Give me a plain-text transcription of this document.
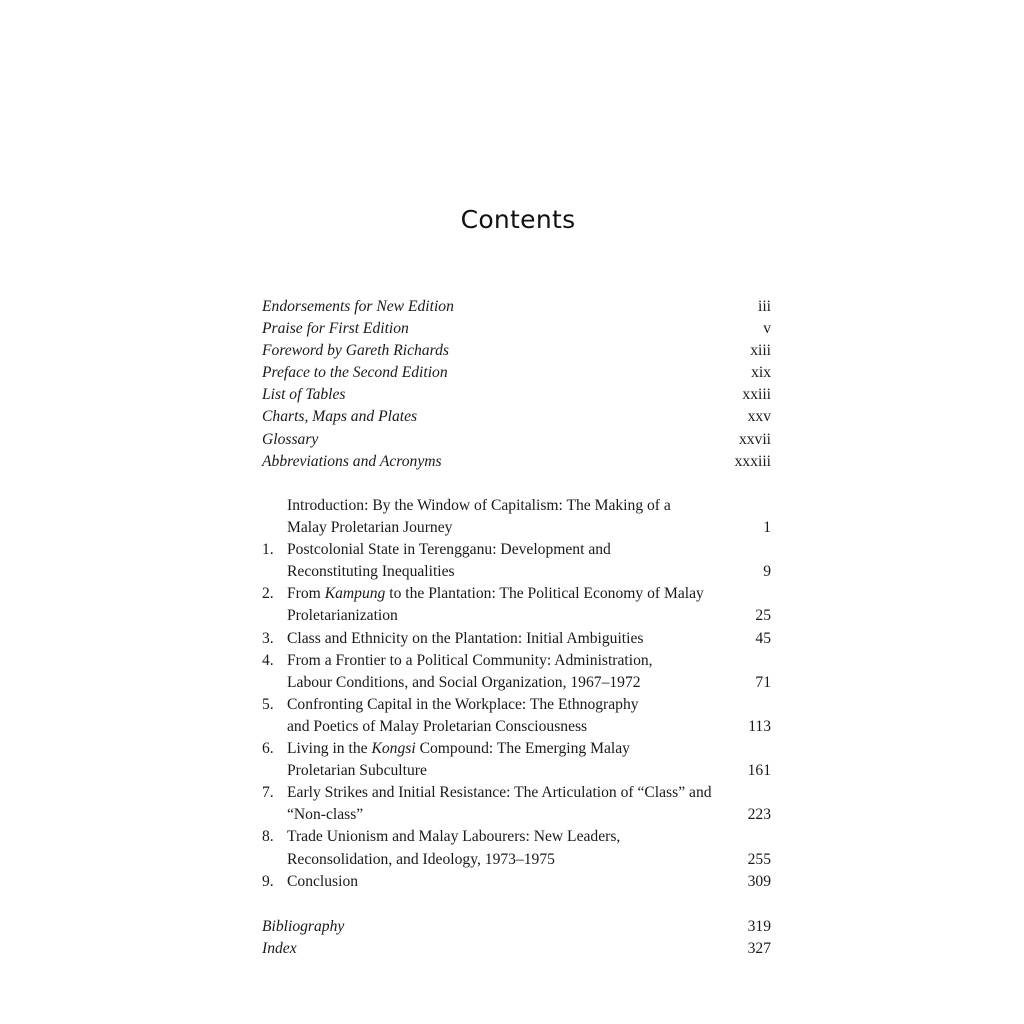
Contents
Endorsements for New Edition	iii
Praise for First Edition	v
Foreword by Gareth Richards	xiii
Preface to the Second Edition	xix
List of Tables	xxiii
Charts, Maps and Plates	xxv
Glossary	xxvii
Abbreviations and Acronyms	xxxiii
Introduction: By the Window of Capitalism: The Making of a
Malay Proletarian Journey	1
1. Postcolonial State in Terengganu: Development and
Reconstituting Inequalities	9
2. From Kampung to the Plantation: The Political Economy of Malay
Proletarianization	25
3. Class and Ethnicity on the Plantation: Initial Ambiguities	45
4. From a Frontier to a Political Community: Administration,
Labour Conditions, and Social Organization, 1967–1972	71
5. Confronting Capital in the Workplace: The Ethnography
and Poetics of Malay Proletarian Consciousness	113
6. Living in the Kongsi Compound: The Emerging Malay
Proletarian Subculture	161
7. Early Strikes and Initial Resistance: The Articulation of “Class” and
“Non-class”	223
8. Trade Unionism and Malay Labourers: New Leaders,
Reconsolidation, and Ideology, 1973–1975	255
9. Conclusion	309
Bibliography	319
Index	327
